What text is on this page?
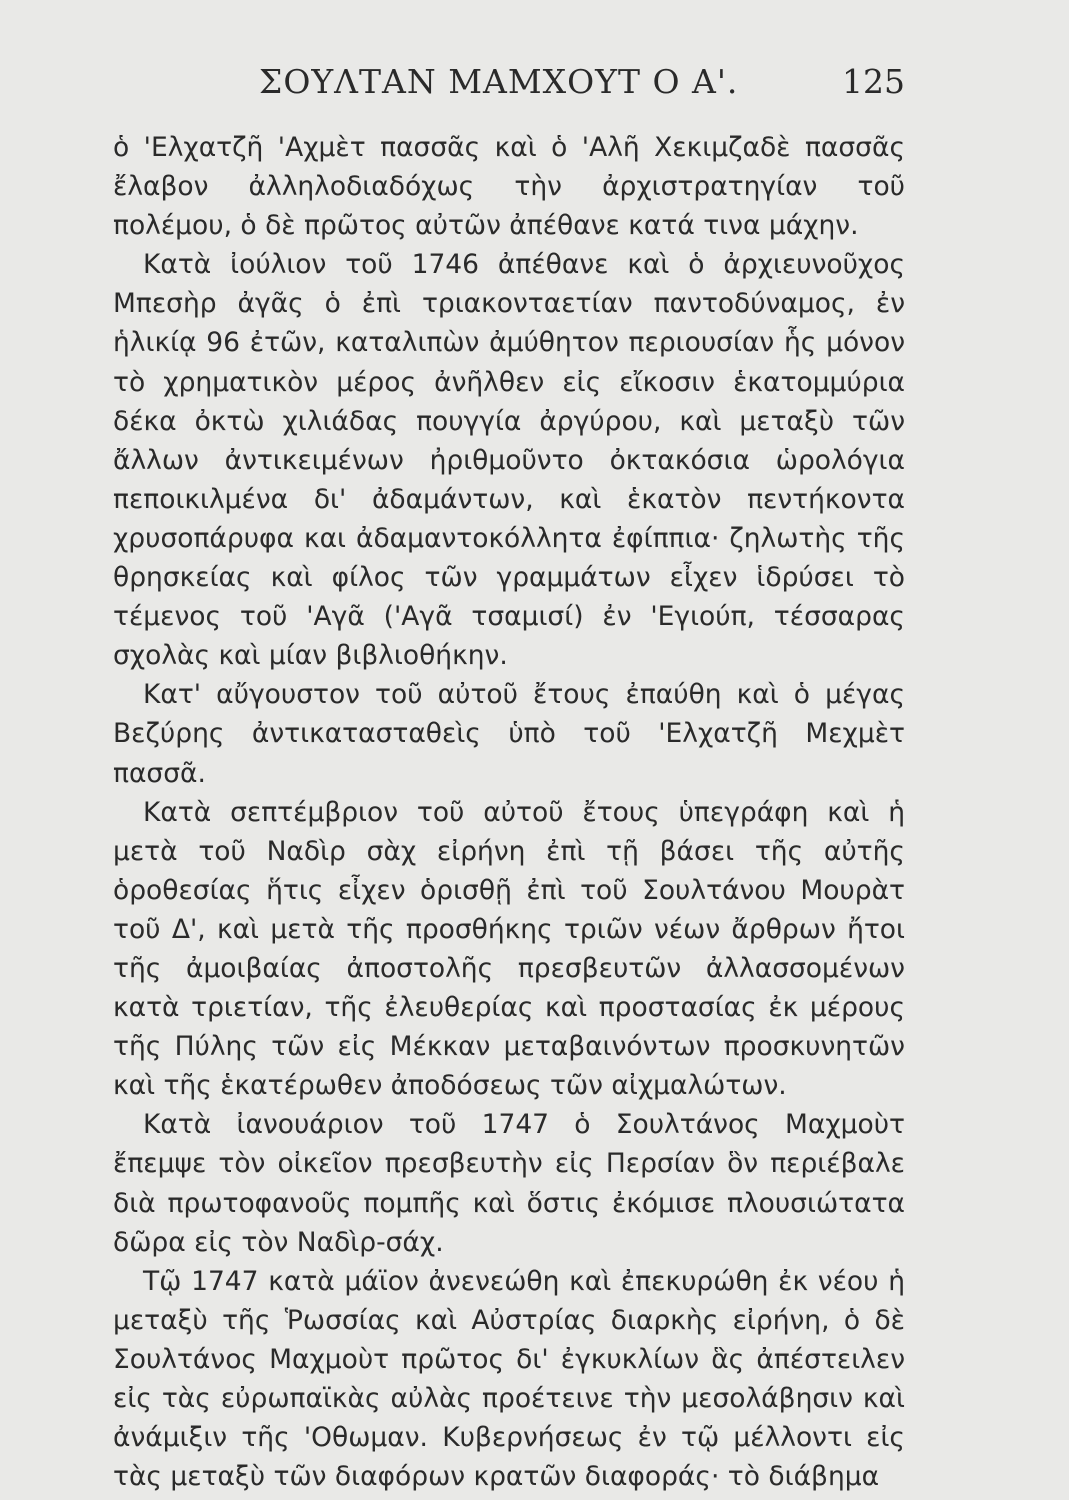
ΣΟΥΛΤΑΝ ΜΑΜΧΟΥΤ Ο Α'.	125

ὁ 'Ελχατζῆ 'Αχμὲτ πασσᾶς καὶ ὁ 'Αλῆ Χεκιμζαδὲ πασσᾶς ἔλαβον ἀλληλοδιαδόχως τὴν ἀρχιστρατηγίαν τοῦ πολέμου, ὁ δὲ πρῶτος αὐτῶν ἀπέθανε κατά τινα μάχην.

Κατὰ ἰούλιον τοῦ 1746 ἀπέθανε καὶ ὁ ἀρχιευνοῦχος Μπεσὴρ ἀγᾶς ὁ ἐπὶ τριακονταετίαν παντοδύναμος, ἐν ἡλικίᾳ 96 ἐτῶν, καταλιπὼν ἀμύθητον περιουσίαν ἧς μόνον τὸ χρηματικὸν μέρος ἀνῆλθεν εἰς εἴκοσιν ἑκατομμύρια δέκα ὀκτὼ χιλιάδας πουγγία ἀργύρου, καὶ μεταξὺ τῶν ἄλλων ἀντικειμένων ἠριθμοῦντο ὀκτακόσια ὡρολόγια πεποικιλμένα δι' ἀδαμάντων, καὶ ἑκατὸν πεντήκοντα χρυσοπάρυφα και ἀδαμαντοκόλλητα ἐφίππια· ζηλωτὴς τῆς θρησκείας καὶ φίλος τῶν γραμμάτων εἶχεν ἱδρύσει τὸ τέμενος τοῦ 'Αγᾶ ('Αγᾶ τσαμισί) ἐν 'Εγιούπ, τέσσαρας σχολὰς καὶ μίαν βιβλιοθήκην.

Κατ' αὔγουστον τοῦ αὐτοῦ ἔτους ἐπαύθη καὶ ὁ μέγας Βεζύρης ἀντικατασταθεὶς ὑπὸ τοῦ 'Ελχατζῆ Μεχμὲτ πασσᾶ.

Κατὰ σεπτέμβριον τοῦ αὐτοῦ ἔτους ὑπεγράφη καὶ ἡ μετὰ τοῦ Ναδὶρ σὰχ εἰρήνη ἐπὶ τῇ βάσει τῆς αὐτῆς ὁροθεσίας ἥτις εἶχεν ὁρισθῇ ἐπὶ τοῦ Σουλτάνου Μουρὰτ τοῦ Δ', καὶ μετὰ τῆς προσθήκης τριῶν νέων ἄρθρων ἤτοι τῆς ἀμοιβαίας ἀποστολῆς πρεσβευτῶν ἀλλασσομένων κατὰ τριετίαν, τῆς ἐλευθερίας καὶ προστασίας ἐκ μέρους τῆς Πύλης τῶν εἰς Μέκκαν μεταβαινόντων προσκυνητῶν καὶ τῆς ἑκατέρωθεν ἀποδόσεως τῶν αἰχμαλώτων.

Κατὰ ἰανουάριον τοῦ 1747 ὁ Σουλτάνος Μαχμοὺτ ἔπεμψε τὸν οἰκεῖον πρεσβευτὴν εἰς Περσίαν ὃν περιέβαλε διὰ πρωτοφανοῦς πομπῆς καὶ ὅστις ἐκόμισε πλουσιώτατα δῶρα εἰς τὸν Ναδὶρ-σάχ.

Τῷ 1747 κατὰ μάϊον ἀνενεώθη καὶ ἐπεκυρώθη ἐκ νέου ἡ μεταξὺ τῆς Ῥωσσίας καὶ Αὐστρίας διαρκὴς εἰρήνη, ὁ δὲ Σουλτάνος Μαχμοὺτ πρῶτος δι' ἐγκυκλίων ἃς ἀπέστειλεν εἰς τὰς εὐρωπαϊκὰς αὐλὰς προέτεινε τὴν μεσολάβησιν καὶ ἀνάμιξιν τῆς 'Οθωμαν. Κυβερνήσεως ἐν τῷ μέλλοντι εἰς τὰς μεταξὺ τῶν διαφόρων κρατῶν διαφοράς· τὸ διάβημα
